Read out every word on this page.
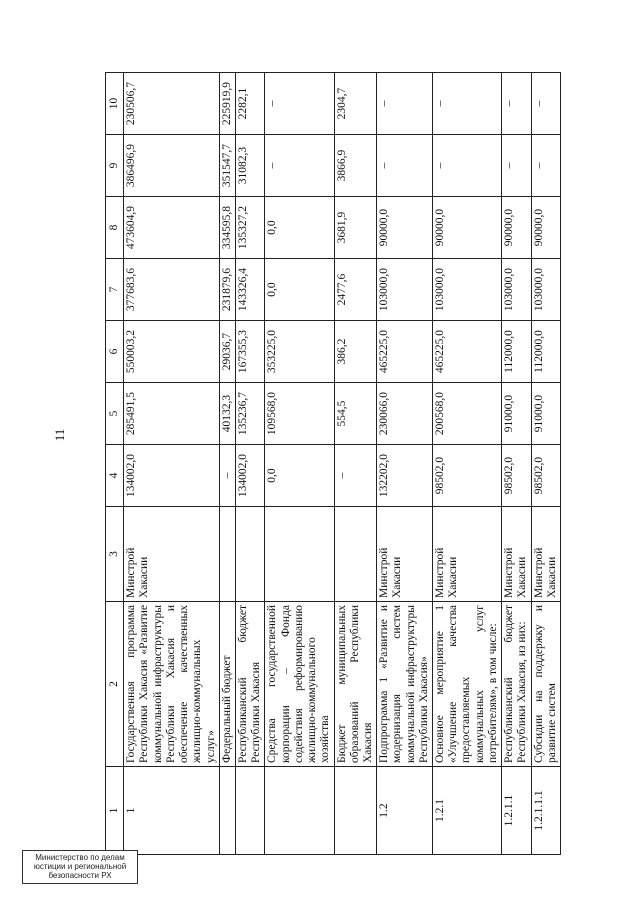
11
1	2	3	4	5	6	7	8	9	10
1	Государственная программа Республики Хакасия «Развитие коммунальной инфраструктуры Республики Хакасия и обеспечение качественных жилищно-коммунальных услуг»	Минстрой Хакасии	134002,0	285491,5	550003,2	377683,6	473604,9	386496,9	230506,7
	Федеральный бюджет		–	40132,3	29036,7	231879,6	334595,8	351547,7	225919,9
	Республиканский бюджет Республики Хакасия		134002,0	135236,7	167355,3	143326,4	135327,2	31082,3	2282,1
	Средства государственной корпорации – Фонда содействия реформированию жилищно-коммунального хозяйства		0,0	109568,0	353225,0	0,0	0,0	–	–
	Бюджет муниципальных образований Республики Хакасия		–	554,5	386,2	2477,6	3681,9	3866,9	2304,7
1.2	Подпрограмма 1 «Развитие и модернизация систем коммунальной инфраструктуры Республики Хакасия»	Минстрой Хакасии	132202,0	230066,0	465225,0	103000,0	90000,0	–	–
1.2.1	Основное мероприятие 1 «Улучшение качества предоставляемых коммунальных услуг потребителям», в том числе:	Минстрой Хакасии	98502,0	200568,0	465225,0	103000,0	90000,0	–	–
1.2.1.1	Республиканский бюджет Республики Хакасия, из них:	Минстрой Хакасии	98502,0	91000,0	112000,0	103000,0	90000,0	–	–
1.2.1.1.1	Субсидии на поддержку и развитие систем	Минстрой Хакасии	98502,0	91000,0	112000,0	103000,0	90000,0	–	–
Министерство по делам юстиции и региональной безопасности РХ
